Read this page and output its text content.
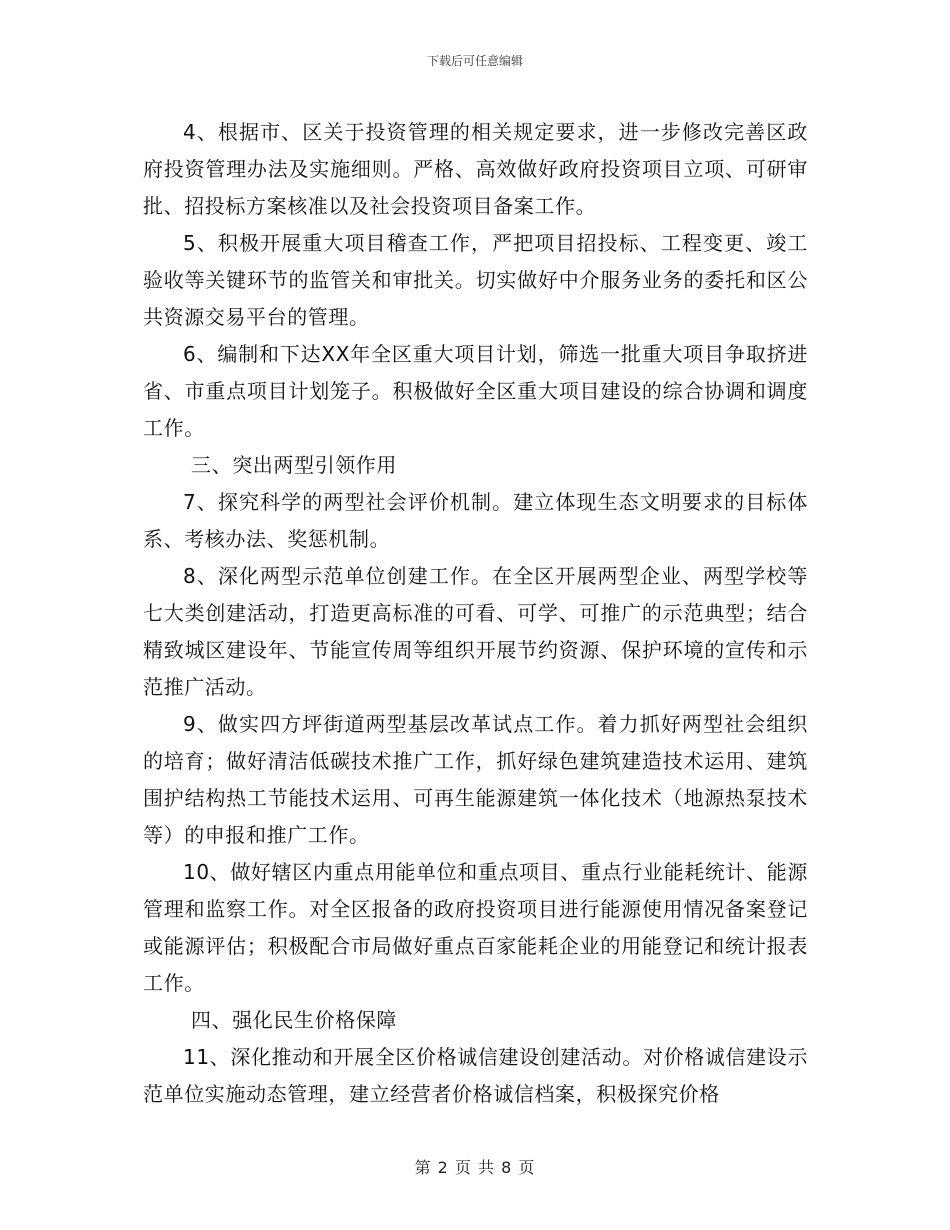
下载后可任意编辑

4、根据市、区关于投资管理的相关规定要求，进一步修改完善区政府投资管理办法及实施细则。严格、高效做好政府投资项目立项、可研审批、招投标方案核准以及社会投资项目备案工作。

5、积极开展重大项目稽查工作，严把项目招投标、工程变更、竣工验收等关键环节的监管关和审批关。切实做好中介服务业务的委托和区公共资源交易平台的管理。

6、编制和下达XX年全区重大项目计划，筛选一批重大项目争取挤进省、市重点项目计划笼子。积极做好全区重大项目建设的综合协调和调度工作。

三、突出两型引领作用

7、探究科学的两型社会评价机制。建立体现生态文明要求的目标体系、考核办法、奖惩机制。

8、深化两型示范单位创建工作。在全区开展两型企业、两型学校等七大类创建活动，打造更高标准的可看、可学、可推广的示范典型；结合精致城区建设年、节能宣传周等组织开展节约资源、保护环境的宣传和示范推广活动。

9、做实四方坪街道两型基层改革试点工作。着力抓好两型社会组织的培育；做好清洁低碳技术推广工作，抓好绿色建筑建造技术运用、建筑围护结构热工节能技术运用、可再生能源建筑一体化技术（地源热泵技术等）的申报和推广工作。

10、做好辖区内重点用能单位和重点项目、重点行业能耗统计、能源管理和监察工作。对全区报备的政府投资项目进行能源使用情况备案登记或能源评估；积极配合市局做好重点百家能耗企业的用能登记和统计报表工作。

四、强化民生价格保障

11、深化推动和开展全区价格诚信建设创建活动。对价格诚信建设示范单位实施动态管理，建立经营者价格诚信档案，积极探究价格

第 2 页 共 8 页
